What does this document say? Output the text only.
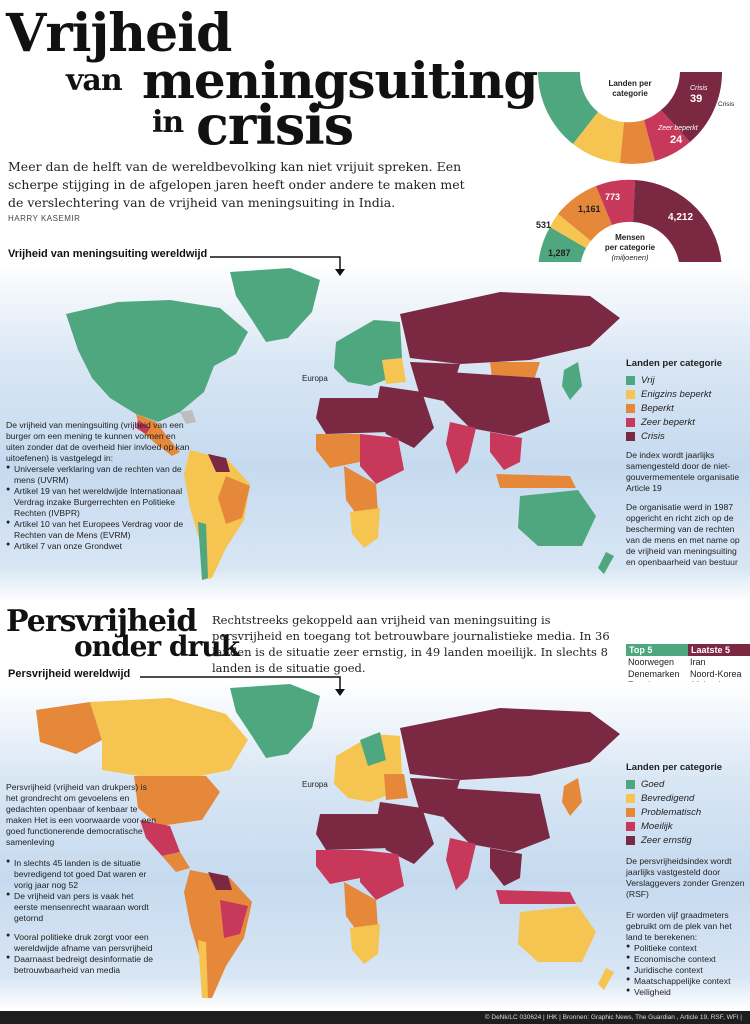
Vrijheid
van meningsuiting
in crisis
Meer dan de helft van de wereldbevolking kan niet vrijuit spreken. Een scherpe stijging in de afgelopen jaren heeft onder andere te maken met de verslechtering van de vrijheid van meningsuiting in India.
HARRY KASEMIR
Landen per
categorie
Crisis
39 Crisis
Zeer beperkt
24
1,287
531
1,161
773
4,212
Mensen
per categorie
(miljoenen)
Vrijheid van meningsuiting wereldwijd
Europa
De vrijheid van meningsuiting (vrijheid van een burger om een mening te kunnen vormen en uiten zonder dat de overheid hier invloed op kan uitoefenen) is vastgelegd in:
● Universele verklaring van de rechten van de mens (UVRM)
● Artikel 19 van het wereldwijde Internationaal Verdrag inzake Burgerrechten en Politieke Rechten (IVBPR)
● Artikel 10 van het Europees Verdrag voor de Rechten van de Mens (EVRM)
● Artikel 7 van onze Grondwet
Landen per categorie
Vrij
Enigzins beperkt
Beperkt
Zeer beperkt
Crisis
De index wordt jaarlijks samengesteld door de niet-gouvermementele organisatie Article 19
De organisatie werd in 1987 opgericht en richt zich op de bescherming van de rechten van de mens en met name op de vrijheid van meningsuiting en openbaarheid van bestuur
Persvrijheid
onder druk
Rechtstreeks gekoppeld aan vrijheid van meningsuiting is persvrijheid en toegang tot betrouwbare journalistieke media. In 36 landen is de situatie zeer ernstig, in 49 landen moeilijk. In slechts 8 landen is de situatie goed.
Top 5	Laatste 5
Noorwegen
Denemarken
Iran
Noord-Korea
Persvrijheid wereldwijd
Europa
Persvrijheid (vrijheid van drukpers) is het grondrecht om gevoelens en gedachten openbaar of kenbaar te maken Het is een voorwaarde voor een goed functionerende democratische samenleving
● In slechts 45 landen is de situatie bevredigend tot goed Dat waren er vorig jaar nog 52
● De vrijheid van pers is vaak het eerste mensenrecht waaraan wordt getornd
● Vooral politieke druk zorgt voor een wereldwijde afname van persvrijheid
● Daarnaast bedreigt desinformatie de betrouwbaarheid van media
Landen per categorie
Goed
Bevredigend
Problematisch
Moeilijk
Zeer ernstig
De persvrijheidsindex wordt jaarlijks vastgesteld door Verslaggevers zonder Grenzen (RSF)
Er worden vijf graadmeters gebruikt om de plek van het land te berekenen:
● Politieke context
● Economische context
● Juridische context
● Maatschappelijke context
● Veiligheid
© DeNk/LC 030624 | IHK | Bronnen: Graphic News, The Guardian , Article 19, RSF, WFI |
